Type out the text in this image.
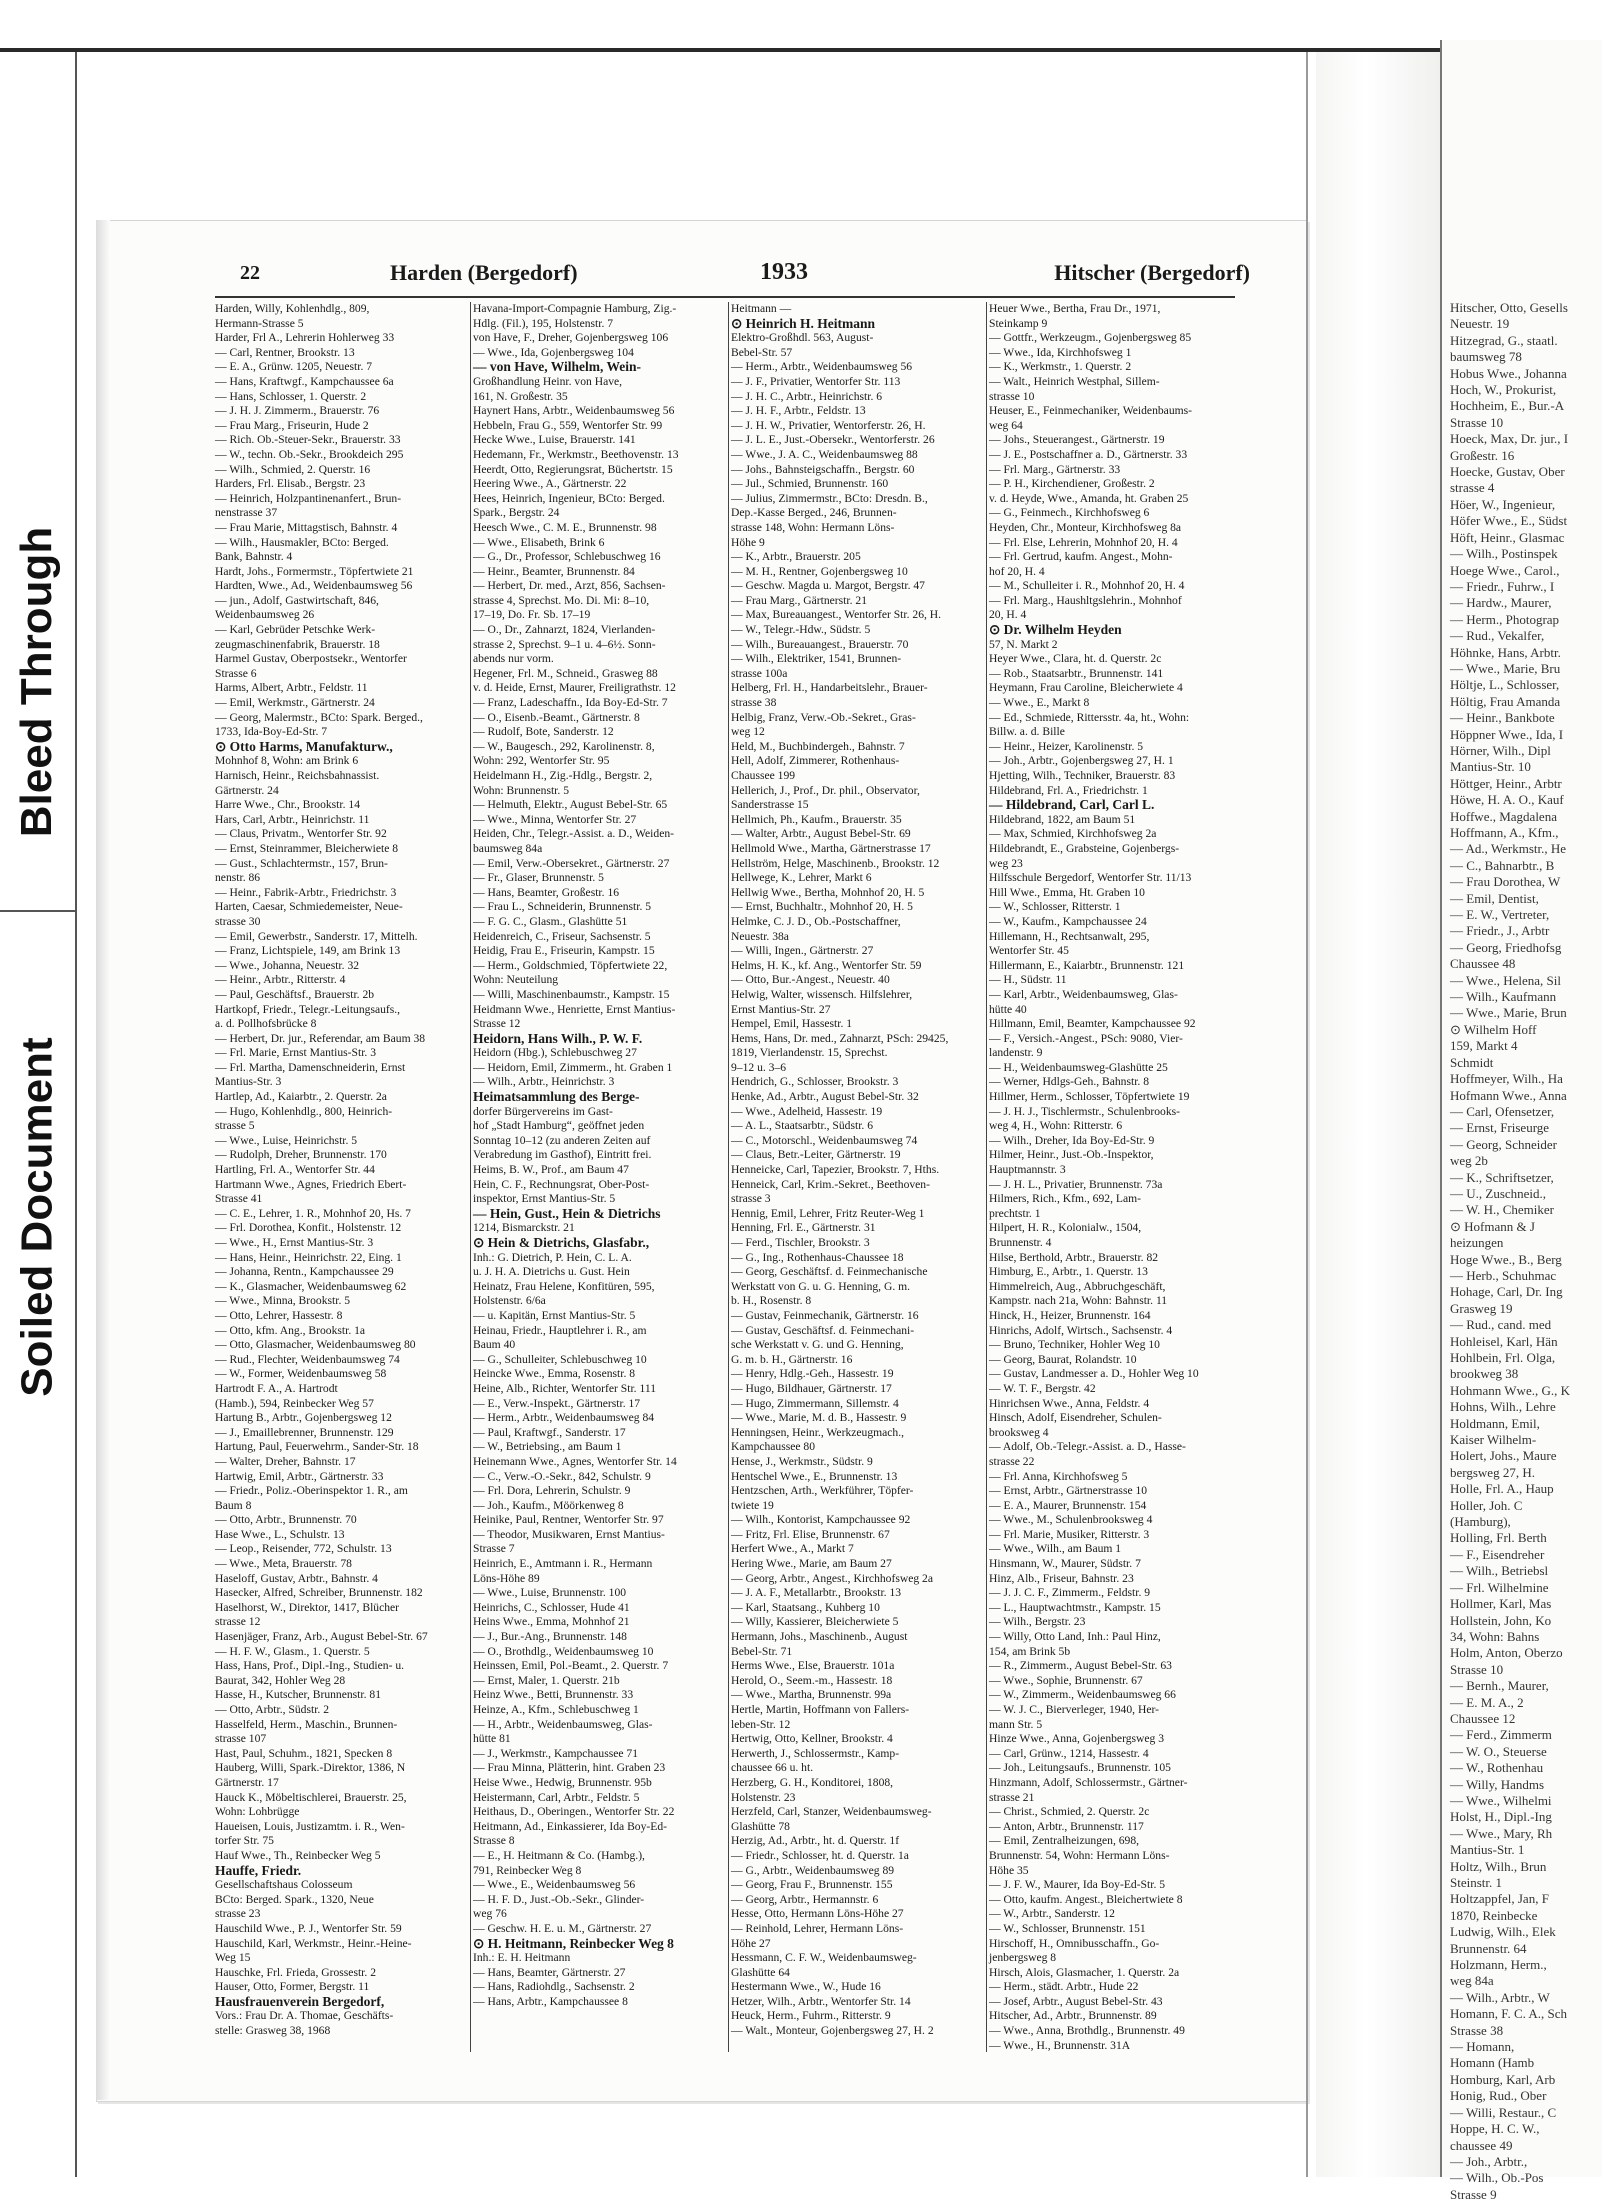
Bleed Through
Soiled Document
Hitscher, Otto, Gesells
Neuestr. 19
Hitzegrad, G., staatl.
baumsweg 78
Hobus Wwe., Johanna
Hoch, W., Prokurist,
Hochheim, E., Bur.-A
Strasse 10
Hoeck, Max, Dr. jur., I
Großestr. 16
Hoecke, Gustav, Ober
strasse 4
Höer, W., Ingenieur,
Höfer Wwe., E., Südst
Höft, Heinr., Glasmac
— Wilh., Postinspek
Hoege Wwe., Carol.,
— Friedr., Fuhrw., I
— Hardw., Maurer,
— Herm., Photograp
— Rud., Vekalfer,
Höhnke, Hans, Arbtr.
— Wwe., Marie, Bru
Höltje, L., Schlosser,
Höltig, Frau Amanda
— Heinr., Bankbote
Höppner Wwe., Ida, I
Hörner, Wilh., Dipl
Mantius-Str. 10
Höttger, Heinr., Arbtr
Höwe, H. A. O., Kauf
Hoffwe., Magdalena
Hoffmann, A., Kfm.,
— Ad., Werkmstr., He
— C., Bahnarbtr., B
— Frau Dorothea, W
— Emil, Dentist,
— E. W., Vertreter,
— Friedr., J., Arbtr
— Georg, Friedhofsg
Chaussee 48
— Wwe., Helena, Sil
— Wilh., Kaufmann
— Wwe., Marie, Brun
⊙ Wilhelm Hoff
159, Markt 4
Schmidt
Hoffmeyer, Wilh., Ha
Hofmann Wwe., Anna
— Carl, Ofensetzer,
— Ernst, Friseurge
— Georg, Schneider
weg 2b
— K., Schriftsetzer,
— U., Zuschneid.,
— W. H., Chemiker
⊙ Hofmann & J
heizungen
Hoge Wwe., B., Berg
— Herb., Schuhmac
Hohage, Carl, Dr. Ing
Grasweg 19
— Rud., cand. med
Hohleisel, Karl, Hän
Hohlbein, Frl. Olga,
brookweg 38
Hohmann Wwe., G., K
Hohns, Wilh., Lehre
Holdmann, Emil,
Kaiser Wilhelm-
Holert, Johs., Maure
bergsweg 27, H.
Holle, Frl. A., Haup
Holler, Joh. C
(Hamburg),
Holling, Frl. Berth
— F., Eisendreher
— Wilh., Betriebsl
— Frl. Wilhelmine
Hollmer, Karl, Mas
Hollstein, John, Ko
34, Wohn: Bahns
Holm, Anton, Oberzo
Strasse 10
— Bernh., Maurer,
— E. M. A., 2
Chaussee 12
— Ferd., Zimmerm
— W. O., Steuerse
— W., Rothenhau
— Willy, Handms
— Wwe., Wilhelmi
Holst, H., Dipl.-Ing
— Wwe., Mary, Rh
Mantius-Str. 1
Holtz, Wilh., Brun
Steinstr. 1
Holtzappfel, Jan, F
1870, Reinbecke
Ludwig, Wilh., Elek
Brunnenstr. 64
Holzmann, Herm.,
weg 84a
— Wilh., Arbtr., W
Homann, F. C. A., Sch
Strasse 38
— Homann,
Homann (Hamb
Homburg, Karl, Arb
Honig, Rud., Ober
— Willi, Restaur., C
Hoppe, H. C. W.,
chaussee 49
— Joh., Arbtr.,
— Wilh., Ob.-Pos
Strasse 9
22	Harden (Bergedorf)	1933	Hitscher (Bergedorf)
Harden, Willy, Kohlenhdlg., 809,
Hermann-Strasse 5
Harder, Frl A., Lehrerin Hohlerweg 33
— Carl, Rentner, Brookstr. 13
— E. A., Grünw. 1205, Neuestr. 7
— Hans, Kraftwgf., Kampchaussee 6a
— Hans, Schlosser, 1. Querstr. 2
— J. H. J. Zimmerm., Brauerstr. 76
— Frau Marg., Friseurin, Hude 2
— Rich. Ob.-Steuer-Sekr., Brauerstr. 33
— W., techn. Ob.-Sekr., Brookdeich 295
— Wilh., Schmied, 2. Querstr. 16
Harders, Frl. Elisab., Bergstr. 23
— Heinrich, Holzpantinenanfert., Brun-
nenstrasse 37
— Frau Marie, Mittagstisch, Bahnstr. 4
— Wilh., Hausmakler, BCto: Berged.
Bank, Bahnstr. 4
Hardt, Johs., Formermstr., Töpfertwiete 21
Hardten, Wwe., Ad., Weidenbaumsweg 56
— jun., Adolf, Gastwirtschaft, 846,
Weidenbaumsweg 26
— Karl, Gebrüder Petschke Werk-
zeugmaschinenfabrik, Brauerstr. 18
Harmel Gustav, Oberpostsekr., Wentorfer
Strasse 6
Harms, Albert, Arbtr., Feldstr. 11
— Emil, Werkmstr., Gärtnerstr. 24
— Georg, Malermstr., BCto: Spark. Berged.,
1733, Ida-Boy-Ed-Str. 7
⊙ Otto Harms, Manufakturw.,
Mohnhof 8, Wohn: am Brink 6
Harnisch, Heinr., Reichsbahnassist.
Gärtnerstr. 24
Harre Wwe., Chr., Brookstr. 14
Hars, Carl, Arbtr., Heinrichstr. 11
— Claus, Privatm., Wentorfer Str. 92
— Ernst, Steinrammer, Bleicherwiete 8
— Gust., Schlachtermstr., 157, Brun-
nenstr. 86
— Heinr., Fabrik-Arbtr., Friedrichstr. 3
Harten, Caesar, Schmiedemeister, Neue-
strasse 30
— Emil, Gewerbstr., Sanderstr. 17, Mittelh.
— Franz, Lichtspiele, 149, am Brink 13
— Wwe., Johanna, Neuestr. 32
— Heinr., Arbtr., Ritterstr. 4
— Paul, Geschäftsf., Brauerstr. 2b
Hartkopf, Friedr., Telegr.-Leitungsaufs.,
a. d. Pollhofsbrücke 8
— Herbert, Dr. jur., Referendar, am Baum 38
— Frl. Marie, Ernst Mantius-Str. 3
— Frl. Martha, Damenschneiderin, Ernst
Mantius-Str. 3
Hartlep, Ad., Kaiarbtr., 2. Querstr. 2a
— Hugo, Kohlenhdlg., 800, Heinrich-
strasse 5
— Wwe., Luise, Heinrichstr. 5
— Rudolph, Dreher, Brunnenstr. 170
Hartling, Frl. A., Wentorfer Str. 44
Hartmann Wwe., Agnes, Friedrich Ebert-
Strasse 41
— C. E., Lehrer, 1. R., Mohnhof 20, Hs. 7
— Frl. Dorothea, Konfit., Holstenstr. 12
— Wwe., H., Ernst Mantius-Str. 3
— Hans, Heinr., Heinrichstr. 22, Eing. 1
— Johanna, Rentn., Kampchaussee 29
— K., Glasmacher, Weidenbaumsweg 62
— Wwe., Minna, Brookstr. 5
— Otto, Lehrer, Hassestr. 8
— Otto, kfm. Ang., Brookstr. 1a
— Otto, Glasmacher, Weidenbaumsweg 80
— Rud., Flechter, Weidenbaumsweg 74
— W., Former, Weidenbaumsweg 58
Hartrodt F. A., A. Hartrodt
(Hamb.), 594, Reinbecker Weg 57
Hartung B., Arbtr., Gojenbergsweg 12
— J., Emaillebrenner, Brunnenstr. 129
Hartung, Paul, Feuerwehrm., Sander-Str. 18
— Walter, Dreher, Bahnstr. 17
Hartwig, Emil, Arbtr., Gärtnerstr. 33
— Friedr., Poliz.-Oberinspektor 1. R., am
Baum 8
— Otto, Arbtr., Brunnenstr. 70
Hase Wwe., L., Schulstr. 13
— Leop., Reisender, 772, Schulstr. 13
— Wwe., Meta, Brauerstr. 78
Haseloff, Gustav, Arbtr., Bahnstr. 4
Hasecker, Alfred, Schreiber, Brunnenstr. 182
Haselhorst, W., Direktor, 1417, Blücher
strasse 12
Hasenjäger, Franz, Arb., August Bebel-Str. 67
— H. F. W., Glasm., 1. Querstr. 5
Hass, Hans, Prof., Dipl.-Ing., Studien- u.
Baurat, 342, Hohler Weg 28
Hasse, H., Kutscher, Brunnenstr. 81
— Otto, Arbtr., Südstr. 2
Hasselfeld, Herm., Maschin., Brunnen-
strasse 107
Hast, Paul, Schuhm., 1821, Specken 8
Hauberg, Willi, Spark.-Direktor, 1386, N
Gärtnerstr. 17
Hauck K., Möbeltischlerei, Brauerstr. 25,
Wohn: Lohbrügge
Haueisen, Louis, Justizamtm. i. R., Wen-
torfer Str. 75
Hauf Wwe., Th., Reinbecker Weg 5
Hauffe, Friedr.
Gesellschaftshaus Colosseum
BCto: Berged. Spark., 1320, Neue
strasse 23
Hauschild Wwe., P. J., Wentorfer Str. 59
Hauschild, Karl, Werkmstr., Heinr.-Heine-
Weg 15
Hauschke, Frl. Frieda, Grossestr. 2
Hauser, Otto, Former, Bergstr. 11
Hausfrauenverein Bergedorf,
Vors.: Frau Dr. A. Thomae, Geschäfts-
stelle: Grasweg 38, 1968
Havana-Import-Compagnie Hamburg, Zig.-
Hdlg. (Fil.), 195, Holstenstr. 7
von Have, F., Dreher, Gojenbergsweg 106
— Wwe., Ida, Gojenbergsweg 104
— von Have, Wilhelm, Wein-
Großhandlung Heinr. von Have,
161, N. Großestr. 35
Haynert Hans, Arbtr., Weidenbaumsweg 56
Hebbeln, Frau G., 559, Wentorfer Str. 99
Hecke Wwe., Luise, Brauerstr. 141
Hedemann, Fr., Werkmstr., Beethovenstr. 13
Heerdt, Otto, Regierungsrat, Büchertstr. 15
Heering Wwe., A., Gärtnerstr. 22
Hees, Heinrich, Ingenieur, BCto: Berged.
Spark., Bergstr. 24
Heesch Wwe., C. M. E., Brunnenstr. 98
— Wwe., Elisabeth, Brink 6
— G., Dr., Professor, Schlebuschweg 16
— Heinr., Beamter, Brunnenstr. 84
— Herbert, Dr. med., Arzt, 856, Sachsen-
strasse 4, Sprechst. Mo. Di. Mi: 8–10,
17–19, Do. Fr. Sb. 17–19
— O., Dr., Zahnarzt, 1824, Vierlanden-
strasse 2, Sprechst. 9–1 u. 4–6½. Sonn-
abends nur vorm.
Hegener, Frl. M., Schneid., Grasweg 88
v. d. Heide, Ernst, Maurer, Freiligrathstr. 12
— Franz, Ladeschaffn., Ida Boy-Ed-Str. 7
— O., Eisenb.-Beamt., Gärtnerstr. 8
— Rudolf, Bote, Sanderstr. 12
— W., Baugesch., 292, Karolinenstr. 8,
Wohn: 292, Wentorfer Str. 95
Heidelmann H., Zig.-Hdlg., Bergstr. 2,
Wohn: Brunnenstr. 5
— Helmuth, Elektr., August Bebel-Str. 65
— Wwe., Minna, Wentorfer Str. 27
Heiden, Chr., Telegr.-Assist. a. D., Weiden-
baumsweg 84a
— Emil, Verw.-Obersekret., Gärtnerstr. 27
— Fr., Glaser, Brunnenstr. 5
— Hans, Beamter, Großestr. 16
— Frau L., Schneiderin, Brunnenstr. 5
— F. G. C., Glasm., Glashütte 51
Heidenreich, C., Friseur, Sachsenstr. 5
Heidig, Frau E., Friseurin, Kampstr. 15
— Herm., Goldschmied, Töpfertwiete 22,
Wohn: Neuteilung
— Willi, Maschinenbaumstr., Kampstr. 15
Heidmann Wwe., Henriette, Ernst Mantius-
Strasse 12
Heidorn, Hans Wilh., P. W. F.
Heidorn (Hbg.), Schlebuschweg 27
— Heidorn, Emil, Zimmerm., ht. Graben 1
— Wilh., Arbtr., Heinrichstr. 3
Heimatsammlung des Berge-
dorfer Bürgervereins im Gast-
hof „Stadt Hamburg“, geöffnet jeden
Sonntag 10–12 (zu anderen Zeiten auf
Verabredung im Gasthof), Eintritt frei.
Heims, B. W., Prof., am Baum 47
Hein, C. F., Rechnungsrat, Ober-Post-
inspektor, Ernst Mantius-Str. 5
— Hein, Gust., Hein & Dietrichs
1214, Bismarckstr. 21
⊙ Hein & Dietrichs, Glasfabr.,
Inh.: G. Dietrich, P. Hein, C. L. A.
u. J. H. A. Dietrichs u. Gust. Hein
Heinatz, Frau Helene, Konfitüren, 595,
Holstenstr. 6/6a
— u. Kapitän, Ernst Mantius-Str. 5
Heinau, Friedr., Hauptlehrer i. R., am
Baum 40
— G., Schulleiter, Schlebuschweg 10
Heincke Wwe., Emma, Rosenstr. 8
Heine, Alb., Richter, Wentorfer Str. 111
— E., Verw.-Inspekt., Gärtnerstr. 17
— Herm., Arbtr., Weidenbaumsweg 84
— Paul, Kraftwgf., Sanderstr. 17
— W., Betriebsing., am Baum 1
Heinemann Wwe., Agnes, Wentorfer Str. 14
— C., Verw.-O.-Sekr., 842, Schulstr. 9
— Frl. Dora, Lehrerin, Schulstr. 9
— Joh., Kaufm., Möörkenweg 8
Heinike, Paul, Rentner, Wentorfer Str. 97
— Theodor, Musikwaren, Ernst Mantius-
Strasse 7
Heinrich, E., Amtmann i. R., Hermann
Löns-Höhe 89
— Wwe., Luise, Brunnenstr. 100
Heinrichs, C., Schlosser, Hude 41
Heins Wwe., Emma, Mohnhof 21
— J., Bur.-Ang., Brunnenstr. 148
— O., Brothdlg., Weidenbaumsweg 10
Heinssen, Emil, Pol.-Beamt., 2. Querstr. 7
— Ernst, Maler, 1. Querstr. 21b
Heinz Wwe., Betti, Brunnenstr. 33
Heinze, A., Kfm., Schlebuschweg 1
— H., Arbtr., Weidenbaumsweg, Glas-
hütte 81
— J., Werkmstr., Kampchaussee 71
— Frau Minna, Plätterin, hint. Graben 23
Heise Wwe., Hedwig, Brunnenstr. 95b
Heistermann, Carl, Arbtr., Feldstr. 5
Heithaus, D., Oberingen., Wentorfer Str. 22
Heitmann, Ad., Einkassierer, Ida Boy-Ed-
Strasse 8
— E., H. Heitmann & Co. (Hambg.),
791, Reinbecker Weg 8
— Wwe., E., Weidenbaumsweg 56
— H. F. D., Just.-Ob.-Sekr., Glinder-
weg 76
— Geschw. H. E. u. M., Gärtnerstr. 27
⊙ H. Heitmann, Reinbecker Weg 8
Inh.: E. H. Heitmann
— Hans, Beamter, Gärtnerstr. 27
— Hans, Radiohdlg., Sachsenstr. 2
— Hans, Arbtr., Kampchaussee 8
Heitmann —
⊙ Heinrich H. Heitmann
Elektro-Großhdl. 563, August-
Bebel-Str. 57
— Herm., Arbtr., Weidenbaumsweg 56
— J. F., Privatier, Wentorfer Str. 113
— J. H. C., Arbtr., Heinrichstr. 6
— J. H. F., Arbtr., Feldstr. 13
— J. H. W., Privatier, Wentorferstr. 26, H.
— J. L. E., Just.-Obersekr., Wentorferstr. 26
— Wwe., J. A. C., Weidenbaumsweg 88
— Johs., Bahnsteigschaffn., Bergstr. 60
— Jul., Schmied, Brunnenstr. 160
— Julius, Zimmermstr., BCto: Dresdn. B.,
Dep.-Kasse Berged., 246, Brunnen-
strasse 148, Wohn: Hermann Löns-
Höhe 9
— K., Arbtr., Brauerstr. 205
— M. H., Rentner, Gojenbergsweg 10
— Geschw. Magda u. Margot, Bergstr. 47
— Frau Marg., Gärtnerstr. 21
— Max, Bureauangest., Wentorfer Str. 26, H.
— W., Telegr.-Hdw., Südstr. 5
— Wilh., Bureauangest., Brauerstr. 70
— Wilh., Elektriker, 1541, Brunnen-
strasse 100a
Helberg, Frl. H., Handarbeitslehr., Brauer-
strasse 38
Helbig, Franz, Verw.-Ob.-Sekret., Gras-
weg 12
Held, M., Buchbindergeh., Bahnstr. 7
Hell, Adolf, Zimmerer, Rothenhaus-
Chaussee 199
Hellerich, J., Prof., Dr. phil., Observator,
Sanderstrasse 15
Hellmich, Ph., Kaufm., Brauerstr. 35
— Walter, Arbtr., August Bebel-Str. 69
Hellmold Wwe., Martha, Gärtnerstrasse 17
Hellström, Helge, Maschinenb., Brookstr. 12
Hellwege, K., Lehrer, Markt 6
Hellwig Wwe., Bertha, Mohnhof 20, H. 5
— Ernst, Buchhaltr., Mohnhof 20, H. 5
Helmke, C. J. D., Ob.-Postschaffner,
Neuestr. 38a
— Willi, Ingen., Gärtnerstr. 27
Helms, H. K., kf. Ang., Wentorfer Str. 59
— Otto, Bur.-Angest., Neuestr. 40
Helwig, Walter, wissensch. Hilfslehrer,
Ernst Mantius-Str. 27
Hempel, Emil, Hassestr. 1
Hems, Hans, Dr. med., Zahnarzt, PSch: 29425,
1819, Vierlandenstr. 15, Sprechst.
9–12 u. 3–6
Hendrich, G., Schlosser, Brookstr. 3
Henke, Ad., Arbtr., August Bebel-Str. 32
— Wwe., Adelheid, Hassestr. 19
— A. L., Staatsarbtr., Südstr. 6
— C., Motorschl., Weidenbaumsweg 74
— Claus, Betr.-Leiter, Gärtnerstr. 19
Henneicke, Carl, Tapezier, Brookstr. 7, Hths.
Henneick, Carl, Krim.-Sekret., Beethoven-
strasse 3
Hennig, Emil, Lehrer, Fritz Reuter-Weg 1
Henning, Frl. E., Gärtnerstr. 31
— Ferd., Tischler, Brookstr. 3
— G., Ing., Rothenhaus-Chaussee 18
— Georg, Geschäftsf. d. Feinmechanische
Werkstatt von G. u. G. Henning, G. m.
b. H., Rosenstr. 8
— Gustav, Feinmechanik, Gärtnerstr. 16
— Gustav, Geschäftsf. d. Feinmechani-
sche Werkstatt v. G. und G. Henning,
G. m. b. H., Gärtnerstr. 16
— Henry, Hdlg.-Geh., Hassestr. 19
— Hugo, Bildhauer, Gärtnerstr. 17
— Hugo, Zimmermann, Sillemstr. 4
— Wwe., Marie, M. d. B., Hassestr. 9
Henningsen, Heinr., Werkzeugmach.,
Kampchaussee 80
Hense, J., Werkmstr., Südstr. 9
Hentschel Wwe., E., Brunnenstr. 13
Hentzschen, Arth., Werkführer, Töpfer-
twiete 19
— Wilh., Kontorist, Kampchaussee 92
— Fritz, Frl. Elise, Brunnenstr. 67
Herfert Wwe., A., Markt 7
Hering Wwe., Marie, am Baum 27
— Georg, Arbtr., Angest., Kirchhofsweg 2a
— J. A. F., Metallarbtr., Brookstr. 13
— Karl, Staatsang., Kuhberg 10
— Willy, Kassierer, Bleicherwiete 5
Hermann, Johs., Maschinenb., August
Bebel-Str. 71
Herms Wwe., Else, Brauerstr. 101a
Herold, O., Seem.-m., Hassestr. 18
— Wwe., Martha, Brunnenstr. 99a
Hertle, Martin, Hoffmann von Fallers-
leben-Str. 12
Hertwig, Otto, Kellner, Brookstr. 4
Herwerth, J., Schlossermstr., Kamp-
chaussee 66 u. ht.
Herzberg, G. H., Konditorei, 1808,
Holstenstr. 23
Herzfeld, Carl, Stanzer, Weidenbaumsweg-
Glashütte 78
Herzig, Ad., Arbtr., ht. d. Querstr. 1f
— Friedr., Schlosser, ht. d. Querstr. 1a
— G., Arbtr., Weidenbaumsweg 89
— Georg, Frau F., Brunnenstr. 155
— Georg, Arbtr., Hermannstr. 6
Hesse, Otto, Hermann Löns-Höhe 27
— Reinhold, Lehrer, Hermann Löns-
Höhe 27
Hessmann, C. F. W., Weidenbaumsweg-
Glashütte 64
Hestermann Wwe., W., Hude 16
Hetzer, Wilh., Arbtr., Wentorfer Str. 14
Heuck, Herm., Fuhrm., Ritterstr. 9
— Walt., Monteur, Gojenbergsweg 27, H. 2
Heuer Wwe., Bertha, Frau Dr., 1971,
Steinkamp 9
— Gottfr., Werkzeugm., Gojenbergsweg 85
— Wwe., Ida, Kirchhofsweg 1
— K., Werkmstr., 1. Querstr. 2
— Walt., Heinrich Westphal, Sillem-
strasse 10
Heuser, E., Feinmechaniker, Weidenbaums-
weg 64
— Johs., Steuerangest., Gärtnerstr. 19
— J. E., Postschaffner a. D., Gärtnerstr. 33
— Frl. Marg., Gärtnerstr. 33
— P. H., Kirchendiener, Großestr. 2
v. d. Heyde, Wwe., Amanda, ht. Graben 25
— G., Feinmech., Kirchhofsweg 6
Heyden, Chr., Monteur, Kirchhofsweg 8a
— Frl. Else, Lehrerin, Mohnhof 20, H. 4
— Frl. Gertrud, kaufm. Angest., Mohn-
hof 20, H. 4
— M., Schulleiter i. R., Mohnhof 20, H. 4
— Frl. Marg., Haushltgslehrin., Mohnhof
20, H. 4
⊙ Dr. Wilhelm Heyden
57, N. Markt 2
Heyer Wwe., Clara, ht. d. Querstr. 2c
— Rob., Staatsarbtr., Brunnenstr. 141
Heymann, Frau Caroline, Bleicherwiete 4
— Wwe., E., Markt 8
— Ed., Schmiede, Rittersstr. 4a, ht., Wohn:
Billw. a. d. Bille
— Heinr., Heizer, Karolinenstr. 5
— Joh., Arbtr., Gojenbergsweg 27, H. 1
Hjetting, Wilh., Techniker, Brauerstr. 83
Hildebrand, Frl. A., Friedrichstr. 1
— Hildebrand, Carl, Carl L.
Hildebrand, 1822, am Baum 51
— Max, Schmied, Kirchhofsweg 2a
Hildebrandt, E., Grabsteine, Gojenbergs-
weg 23
Hilfsschule Bergedorf, Wentorfer Str. 11/13
Hill Wwe., Emma, Ht. Graben 10
— W., Schlosser, Ritterstr. 1
— W., Kaufm., Kampchaussee 24
Hillemann, H., Rechtsanwalt, 295,
Wentorfer Str. 45
Hillermann, E., Kaiarbtr., Brunnenstr. 121
— H., Südstr. 11
— Karl, Arbtr., Weidenbaumsweg, Glas-
hütte 40
Hillmann, Emil, Beamter, Kampchaussee 92
— F., Versich.-Angest., PSch: 9080, Vier-
landenstr. 9
— H., Weidenbaumsweg-Glashütte 25
— Werner, Hdlgs-Geh., Bahnstr. 8
Hillmer, Herm., Schlosser, Töpfertwiete 19
— J. H. J., Tischlermstr., Schulenbrooks-
weg 4, H., Wohn: Ritterstr. 6
— Wilh., Dreher, Ida Boy-Ed-Str. 9
Hilmer, Heinr., Just.-Ob.-Inspektor,
Hauptmannstr. 3
— J. H. L., Privatier, Brunnenstr. 73a
Hilmers, Rich., Kfm., 692, Lam-
prechtstr. 1
Hilpert, H. R., Kolonialw., 1504,
Brunnenstr. 4
Hilse, Berthold, Arbtr., Brauerstr. 82
Himburg, E., Arbtr., 1. Querstr. 13
Himmelreich, Aug., Abbruchgeschäft,
Kampstr. nach 21a, Wohn: Bahnstr. 11
Hinck, H., Heizer, Brunnenstr. 164
Hinrichs, Adolf, Wirtsch., Sachsenstr. 4
— Bruno, Techniker, Hohler Weg 10
— Georg, Baurat, Rolandstr. 10
— Gustav, Landmesser a. D., Hohler Weg 10
— W. T. F., Bergstr. 42
Hinrichsen Wwe., Anna, Feldstr. 4
Hinsch, Adolf, Eisendreher, Schulen-
brooksweg 4
— Adolf, Ob.-Telegr.-Assist. a. D., Hasse-
strasse 22
— Frl. Anna, Kirchhofsweg 5
— Ernst, Arbtr., Gärtnerstrasse 10
— E. A., Maurer, Brunnenstr. 154
— Wwe., M., Schulenbrooksweg 4
— Frl. Marie, Musiker, Ritterstr. 3
— Wwe., Wilh., am Baum 1
Hinsmann, W., Maurer, Südstr. 7
Hinz, Alb., Friseur, Bahnstr. 23
— J. J. C. F., Zimmerm., Feldstr. 9
— L., Hauptwachtmstr., Kampstr. 15
— Wilh., Bergstr. 23
— Willy, Otto Land, Inh.: Paul Hinz,
154, am Brink 5b
— R., Zimmerm., August Bebel-Str. 63
— Wwe., Sophie, Brunnenstr. 67
— W., Zimmerm., Weidenbaumsweg 66
— W. J. C., Bierverleger, 1940, Her-
mann Str. 5
Hinze Wwe., Anna, Gojenbergsweg 3
— Carl, Grünw., 1214, Hassestr. 4
— Joh., Leitungsaufs., Brunnenstr. 105
Hinzmann, Adolf, Schlossermstr., Gärtner-
strasse 21
— Christ., Schmied, 2. Querstr. 2c
— Anton, Arbtr., Brunnenstr. 117
— Emil, Zentralheizungen, 698,
Brunnenstr. 54, Wohn: Hermann Löns-
Höhe 35
— J. F. W., Maurer, Ida Boy-Ed-Str. 5
— Otto, kaufm. Angest., Bleichertwiete 8
— W., Arbtr., Sanderstr. 12
— W., Schlosser, Brunnenstr. 151
Hirschoff, H., Omnibusschaffn., Go-
jenbergsweg 8
Hirsch, Alois, Glasmacher, 1. Querstr. 2a
— Herm., städt. Arbtr., Hude 22
— Josef, Arbtr., August Bebel-Str. 43
Hitscher, Ad., Arbtr., Brunnenstr. 89
— Wwe., Anna, Brothdlg., Brunnenstr. 49
— Wwe., H., Brunnenstr. 31A
